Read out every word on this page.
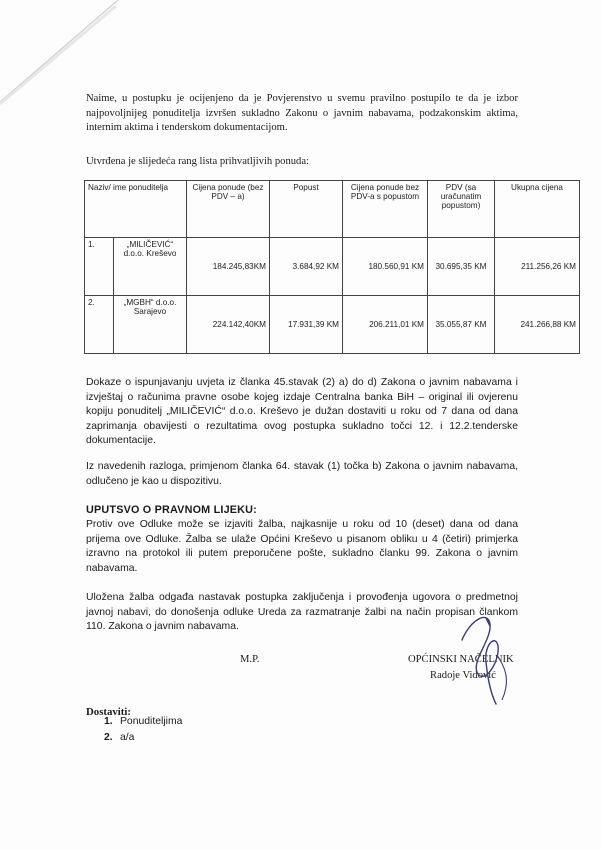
Naime, u postupku je ocijenjeno da je Povjerenstvo u svemu pravilno postupilo te da je izbor najpovoljnijeg ponuditelja izvršen sukladno Zakonu o javnim nabavama, podzakonskim aktima, internim aktima i tenderskom dokumentacijom.

Utvrđena je slijedeća rang lista prihvatljivih ponuda:

Naziv/ ime ponuditelja		Cijena ponude (bez PDV – a)	Popust	Cijena ponude bez PDV-a s popustom	PDV (sa uračunatim popustom)	Ukupna cijena
1.	„MILIČEVIĆ“ d.o.o. Kreševo	184.245,83KM	3.684,92 KM	180.560,91 KM	30.695,35 KM	211.256,26 KM
2.	„MGBH“ d.o.o. Sarajevo	224.142,40KM	17.931,39 KM	206.211,01 KM	35.055,87 KM	241.266,88 KM

Dokaze o ispunjavanju uvjeta iz članka 45.stavak (2) a) do d) Zakona o javnim nabavama i izvještaj o računima pravne osobe kojeg izdaje Centralna banka BiH – original ili ovjerenu kopiju ponuditelj „MILIČEVIĆ“ d.o.o. Kreševo je dužan dostaviti u roku od 7 dana od dana zaprimanja obavijesti o rezultatima ovog postupka sukladno točci 12. i 12.2.tenderske dokumentacije.

Iz navedenih razloga, primjenom članka 64. stavak (1) točka b) Zakona o javnim nabavama, odlučeno je kao u dispozitivu.

UPUTSVO O PRAVNOM LIJEKU:

Protiv ove Odluke može se izjaviti žalba, najkasnije u roku od 10 (deset) dana od dana prijema ove Odluke. Žalba se ulaže Općini Kreševo u pisanom obliku u 4 (četiri) primjerka izravno na protokol ili putem preporučene pošte, sukladno članku 99. Zakona o javnim nabavama.

Uložena žalba odgađa nastavak postupka zaključenja i provođenja ugovora o predmetnoj javnoj nabavi, do donošenja odluke Ureda za razmatranje žalbi na način propisan člankom 110. Zakona o javnim nabavama.

M.P.	OPĆINSKI NAČELNIK
Radoje Vidović
Dostaviti:
1. Ponuditeljima
2. a/a
